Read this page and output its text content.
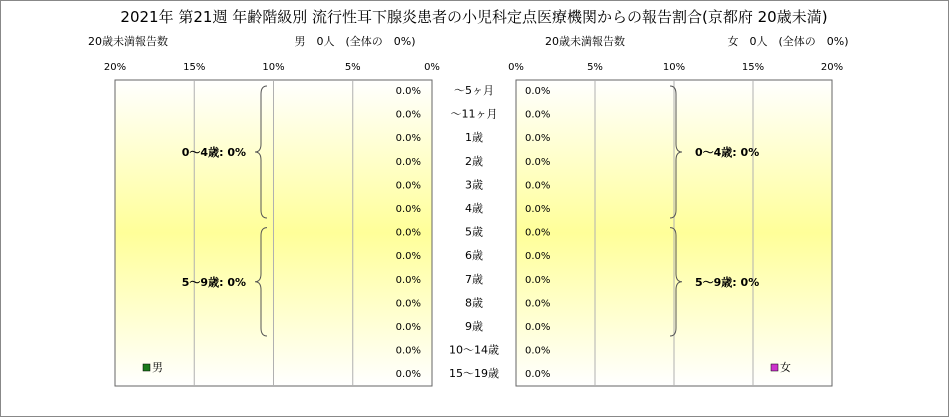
20%	15%	10%	5%	0%	0%	5%	10%	15%	20%
～5ヶ月
0.0%	0.0%
～11ヶ月
0.0%	0.0%
1歳
0.0%	0.0%
2歳
0.0%	0.0%
3歳
0.0%	0.0%
4歳
0.0%	0.0%
5歳
0.0%	0.0%
6歳
0.0%	0.0%
7歳
0.0%	0.0%
8歳
0.0%	0.0%
9歳
0.0%	0.0%
10～14歳
0.0%	0.0%
15～19歳
0.0%	0.0%
0～4歳: 0%
5～9歳: 0%
0～4歳: 0%
5～9歳: 0%
男	女
2021年 第21週 年齢階級別 流行性耳下腺炎患者の小児科定点医療機関からの報告割合(京都府 20歳未満)
20歳未満報告数	男　0人　(全体の　0%)	20歳未満報告数	女　0人　(全体の　0%)
